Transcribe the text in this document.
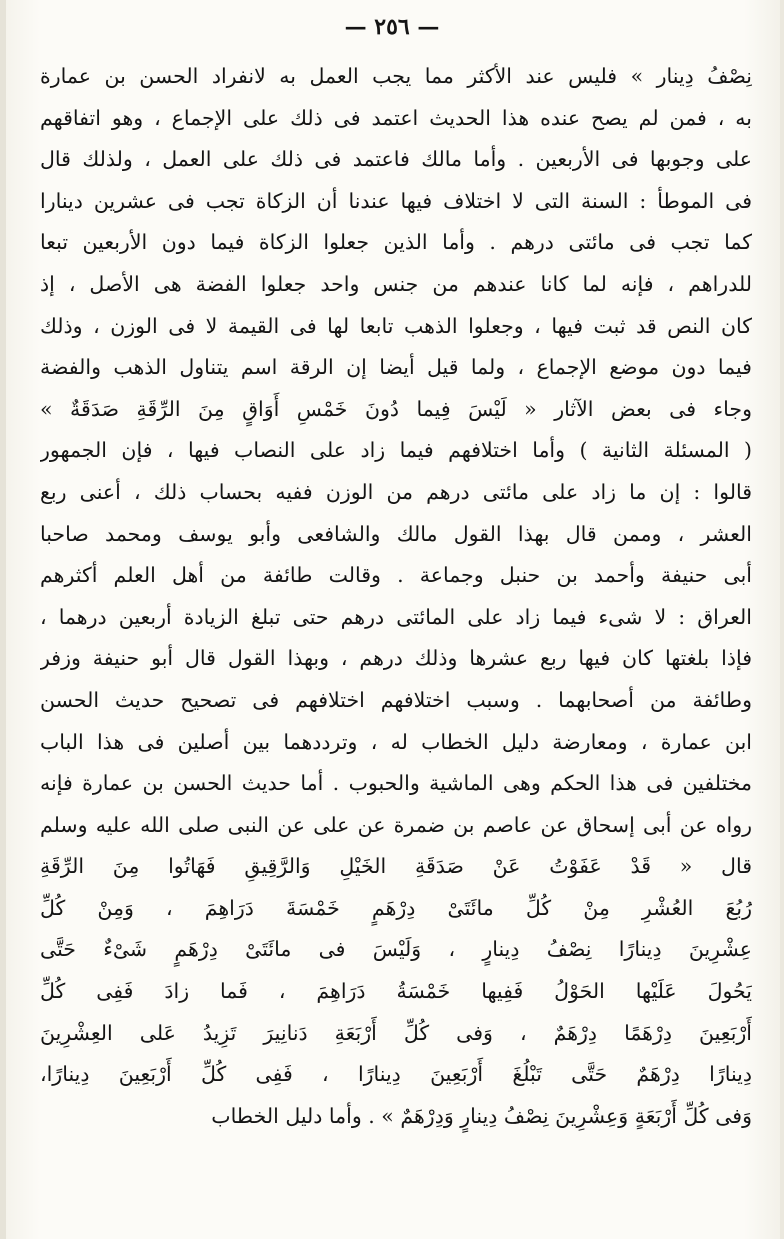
— ٢٥٦ —
نِصْفُ دِينار » فليس عند الأكثر مما يجب العمل به لانفراد الحسن بن عمارة
به ، فمن لم يصح عنده هذا الحديث اعتمد فى ذلك على الإجماع ، وهو اتفاقهم
على وجوبها فى الأربعين . وأما مالك فاعتمد فى ذلك على العمل ، ولذلك قال
فى الموطأ : السنة التى لا اختلاف فيها عندنا أن الزكاة تجب فى عشرين دينارا
كما تجب فى مائتى درهم . وأما الذين جعلوا الزكاة فيما دون الأربعين تبعا
للدراهم ، فإنه لما كانا عندهم من جنس واحد جعلوا الفضة هى الأصل ، إذ
كان النص قد ثبت فيها ، وجعلوا الذهب تابعا لها فى القيمة لا فى الوزن ، وذلك
فيما دون موضع الإجماع ، ولما قيل أيضا إن الرقة اسم يتناول الذهب والفضة
وجاء فى بعض الآثار « لَيْسَ فِيما دُونَ خَمْسِ أَوَاقٍ مِنَ الرِّقَةِ صَدَقَةٌ »
( المسئلة الثانية ) وأما اختلافهم فيما زاد على النصاب فيها ، فإن الجمهور
قالوا : إن ما زاد على مائتى درهم من الوزن ففيه بحساب ذلك ، أعنى ربع
العشر ، وممن قال بهذا القول مالك والشافعى وأبو يوسف ومحمد صاحبا
أبى حنيفة وأحمد بن حنبل وجماعة . وقالت طائفة من أهل العلم أكثرهم
العراق : لا شىء فيما زاد على المائتى درهم حتى تبلغ الزيادة أربعين درهما ،
فإذا بلغتها كان فيها ربع عشرها وذلك درهم ، وبهذا القول قال أبو حنيفة وزفر
وطائفة من أصحابهما . وسبب اختلافهم اختلافهم فى تصحيح حديث الحسن
ابن عمارة ، ومعارضة دليل الخطاب له ، وترددهما بين أصلين فى هذا الباب
مختلفين فى هذا الحكم وهى الماشية والحبوب . أما حديث الحسن بن عمارة فإنه
رواه عن أبى إسحاق عن عاصم بن ضمرة عن على عن النبى صلى الله عليه وسلم
قال « قَدْ عَفَوْتُ عَنْ صَدَقَةِ الخَيْلِ وَالرَّقِيقِ فَهَاتُوا مِنَ الرِّقَةِ
رُبُعَ العُشْرِ مِنْ كُلِّ مائَتَىْ دِرْهَمٍ خَمْسَةَ دَرَاهِمَ ، وَمِنْ كُلِّ
عِشْرِينَ دِينارًا نِصْفُ دِينارٍ ، وَلَيْسَ فى مائَتَىْ دِرْهَمٍ شَىْءٌ حَتَّى
يَحُولَ عَلَيْها الحَوْلُ فَفِيها خَمْسَةُ دَرَاهِمَ ، فَما زادَ فَفِى كُلِّ
أَرْبَعِينَ دِرْهَمًا دِرْهَمٌ ، وَفى كُلِّ أَرْبَعَةِ دَنانِيرَ تَزِيدُ عَلى العِشْرِينَ
دِينارًا دِرْهَمٌ حَتَّى تَبْلُغَ أَرْبَعِينَ دِينارًا ، فَفِى كُلِّ أَرْبَعِينَ دِينارًا،
وَفى كُلِّ أَرْبَعَةٍ وَعِشْرِينَ نِصْفُ دِينارٍ وَدِرْهَمٌ » . وأما دليل الخطاب
